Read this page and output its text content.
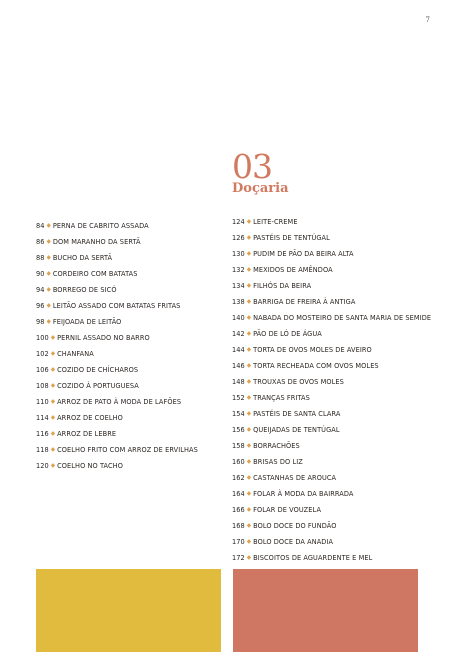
7
03
Doçaria
84 ◆ PERNA DE CABRITO ASSADA
86 ◆ DOM MARANHO DA SERTÃ
88 ◆ BUCHO DA SERTÃ
90 ◆ CORDEIRO COM BATATAS
94 ◆ BORREGO DE SICÓ
96 ◆ LEITÃO ASSADO COM BATATAS FRITAS
98 ◆ FEIJOADA DE LEITÃO
100 ◆ PERNIL ASSADO NO BARRO
102 ◆ CHANFANA
106 ◆ COZIDO DE CHÍCHAROS
108 ◆ COZIDO À PORTUGUESA
110 ◆ ARROZ DE PATO À MODA DE LAFÕES
114 ◆ ARROZ DE COELHO
116 ◆ ARROZ DE LEBRE
118 ◆ COELHO FRITO COM ARROZ DE ERVILHAS
120 ◆ COELHO NO TACHO
124 ◆ LEITE-CREME
126 ◆ PASTÉIS DE TENTÚGAL
130 ◆ PUDIM DE PÃO DA BEIRA ALTA
132 ◆ MEXIDOS DE AMÊNDOA
134 ◆ FILHÓS DA BEIRA
138 ◆ BARRIGA DE FREIRA À ANTIGA
140 ◆ NABADA DO MOSTEIRO DE SANTA MARIA DE SEMIDE
142 ◆ PÃO DE LÓ DE ÁGUA
144 ◆ TORTA DE OVOS MOLES DE AVEIRO
146 ◆ TORTA RECHEADA COM OVOS MOLES
148 ◆ TROUXAS DE OVOS MOLES
152 ◆ TRANÇAS FRITAS
154 ◆ PASTÉIS DE SANTA CLARA
156 ◆ QUEIJADAS DE TENTÚGAL
158 ◆ BORRACHÕES
160 ◆ BRISAS DO LIZ
162 ◆ CASTANHAS DE AROUCA
164 ◆ FOLAR À MODA DA BAIRRADA
166 ◆ FOLAR DE VOUZELA
168 ◆ BOLO DOCE DO FUNDÃO
170 ◆ BOLO DOCE DA ANADIA
172 ◆ BISCOITOS DE AGUARDENTE E MEL
